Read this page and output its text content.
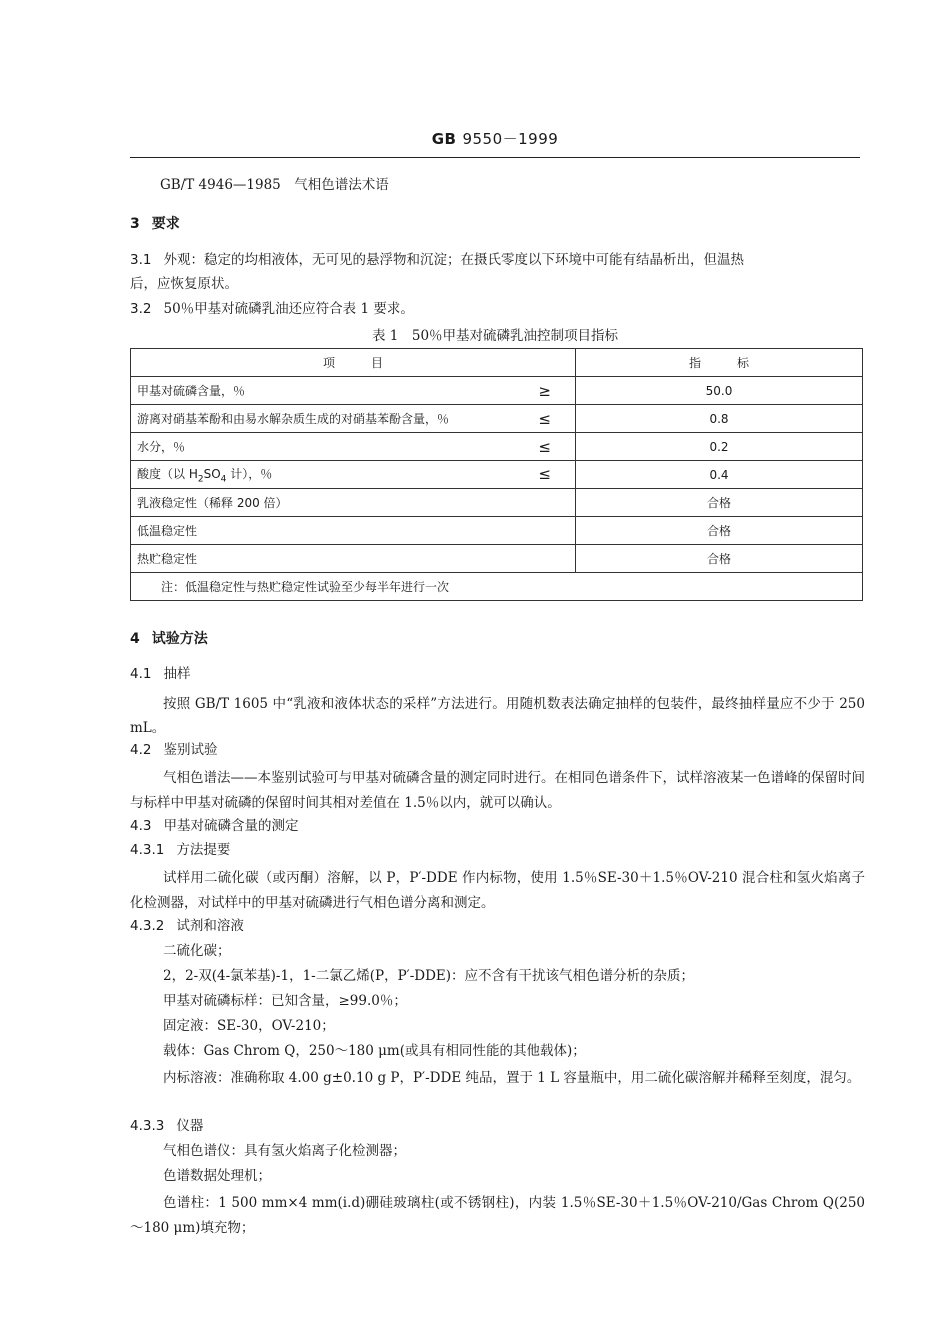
GB 9550－1999
GB/T 4946—1985　气相色谱法术语
3 要求
3.1 外观：稳定的均相液体，无可见的悬浮物和沉淀；在摄氏零度以下环境中可能有结晶析出，但温热
后，应恢复原状。
3.2 50％甲基对硫磷乳油还应符合表 1 要求。
表 1　50％甲基对硫磷乳油控制项目指标
项　　　目	指　　　标

甲基对硫磷含量，％ ≥	50.0

游离对硝基苯酚和由易水解杂质生成的对硝基苯酚含量，％ ≤	0.8

水分，％ ≤	0.2

酸度（以 $H_2SO_4$ 计），％ ≤	0.4
乳液稳定性（稀释 200 倍）	合格
低温稳定性	合格
热贮稳定性	合格
注：低温稳定性与热贮稳定性试验至少每半年进行一次	
4 试验方法
4.1 抽样
按照 GB/T 1605 中“乳液和液体状态的采样”方法进行。用随机数表法确定抽样的包装件，最终抽样量应不少于 250 mL。
4.2 鉴别试验
气相色谱法——本鉴别试验可与甲基对硫磷含量的测定同时进行。在相同色谱条件下，试样溶液某一色谱峰的保留时间与标样中甲基对硫磷的保留时间其相对差值在 1.5％以内，就可以确认。
4.3 甲基对硫磷含量的测定
4.3.1 方法提要
试样用二硫化碳（或丙酮）溶解，以 P，P′-DDE 作内标物，使用 1.5％SE-30＋1.5％OV-210 混合柱和氢火焰离子化检测器，对试样中的甲基对硫磷进行气相色谱分离和测定。
4.3.2 试剂和溶液
二硫化碳；
2，2-双(4-氯苯基)-1，1-二氯乙烯(P，P′-DDE)：应不含有干扰该气相色谱分析的杂质；
甲基对硫磷标样：已知含量，≥99.0％；
固定液：SE-30，OV-210；
载体：Gas Chrom Q，250～180 μm(或具有相同性能的其他载体)；
内标溶液：准确称取 4.00 g±0.10 g P，P′-DDE 纯品，置于 1 L 容量瓶中，用二硫化碳溶解并稀释至刻度，混匀。
4.3.3 仪器
气相色谱仪：具有氢火焰离子化检测器；
色谱数据处理机；
色谱柱：1 500 mm×4 mm(i.d)硼硅玻璃柱(或不锈钢柱)，内装 1.5％SE-30＋1.5％OV-210/Gas Chrom Q(250～180 μm)填充物；
